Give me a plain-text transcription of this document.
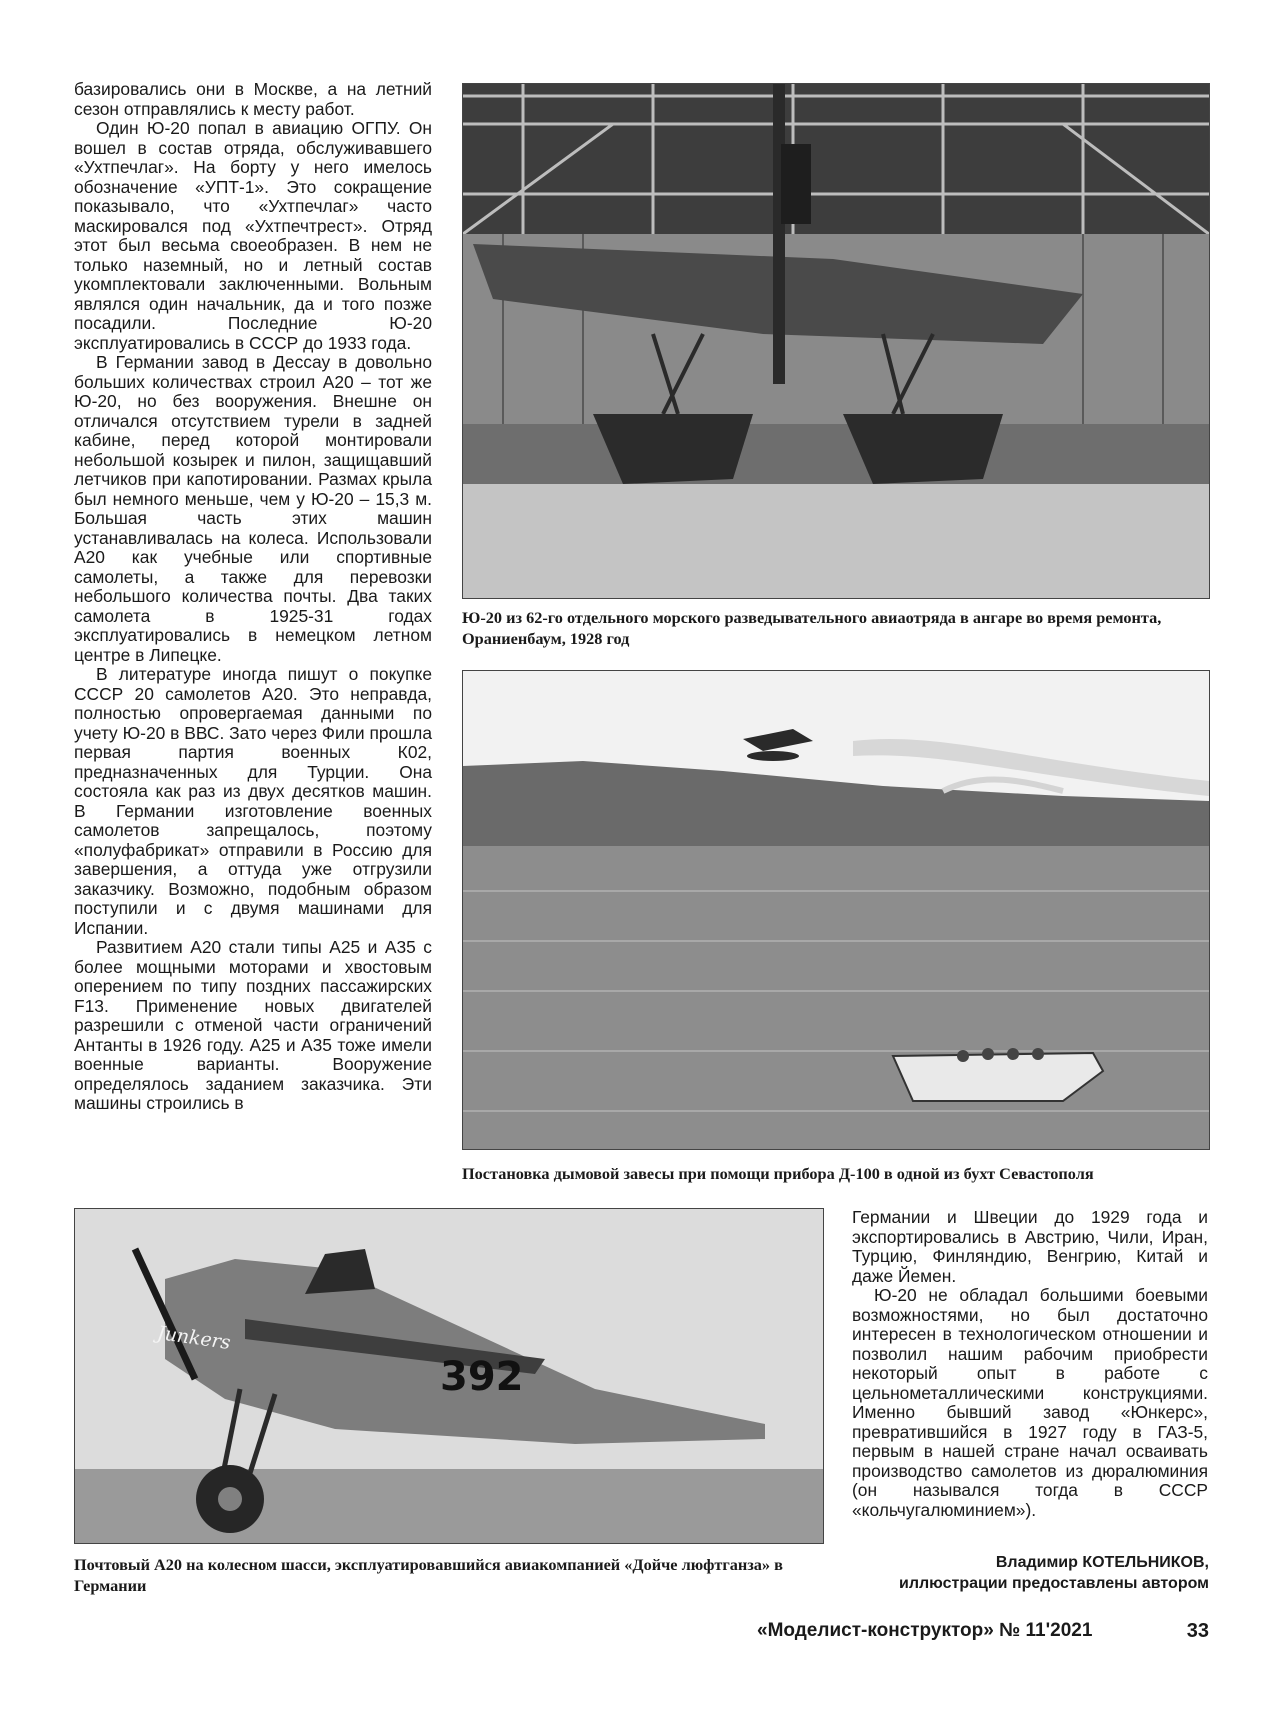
базировались они в Москве, а на летний сезон отправлялись к месту работ.

Один Ю-20 попал в авиацию ОГПУ. Он вошел в состав отряда, обслуживавшего «Ухтпечлаг». На борту у него имелось обозначение «УПТ-1». Это сокращение показывало, что «Ухтпечлаг» часто маскировался под «Ухтпечтрест». Отряд этот был весьма своеобразен. В нем не только наземный, но и летный состав укомплектовали заключенными. Вольным являлся один начальник, да и того позже посадили. Последние Ю-20 эксплуатировались в СССР до 1933 года.

В Германии завод в Дессау в довольно больших количествах строил А20 – тот же Ю-20, но без вооружения. Внешне он отличался отсутствием турели в задней кабине, перед которой монтировали небольшой козырек и пилон, защищавший летчиков при капотировании. Размах крыла был немного меньше, чем у Ю-20 – 15,3 м. Большая часть этих машин устанавливалась на колеса. Использовали А20 как учебные или спортивные самолеты, а также для перевозки небольшого количества почты. Два таких самолета в 1925-31 годах эксплуатировались в немецком летном центре в Липецке.

В литературе иногда пишут о покупке СССР 20 самолетов А20. Это неправда, полностью опровергаемая данными по учету Ю-20 в ВВС. Зато через Фили прошла первая партия военных К02, предназначенных для Турции. Она состояла как раз из двух десятков машин. В Германии изготовление военных самолетов запрещалось, поэтому «полуфабрикат» отправили в Россию для завершения, а оттуда уже отгрузили заказчику. Возможно, подобным образом поступили и с двумя машинами для Испании.

Развитием А20 стали типы А25 и А35 с более мощными моторами и хвостовым оперением по типу поздних пассажирских F13. Применение новых двигателей разрешили с отменой части ограничений Антанты в 1926 году. А25 и А35 тоже имели военные варианты. Вооружение определялось заданием заказчика. Эти машины строились в

Ю-20 из 62-го отдельного морского разведывательного авиаотряда в ангаре во время ремонта, Ораниенбаум, 1928 год
Постановка дымовой завесы при помощи прибора Д-100 в одной из бухт Севастополя
Junkers
392
Почтовый А20 на колесном шасси, эксплуатировавшийся авиакомпанией «Дойче люфтганза» в Германии

Германии и Швеции до 1929 года и экспортировались в Австрию, Чили, Иран, Турцию, Финляндию, Венгрию, Китай и даже Йемен.

Ю-20 не обладал большими боевыми возможностями, но был достаточно интересен в технологическом отношении и позволил нашим рабочим приобрести некоторый опыт в работе с цельнометаллическими конструкциями. Именно бывший завод «Юнкерс», превратившийся в 1927 году в ГАЗ-5, первым в нашей стране начал осваивать производство самолетов из дюралюминия (он назывался тогда в СССР «кольчугалюминием»).

Владимир КОТЕЛЬНИКОВ,
иллюстрации предоставлены автором
«Моделист-конструктор» № 11'2021	33
